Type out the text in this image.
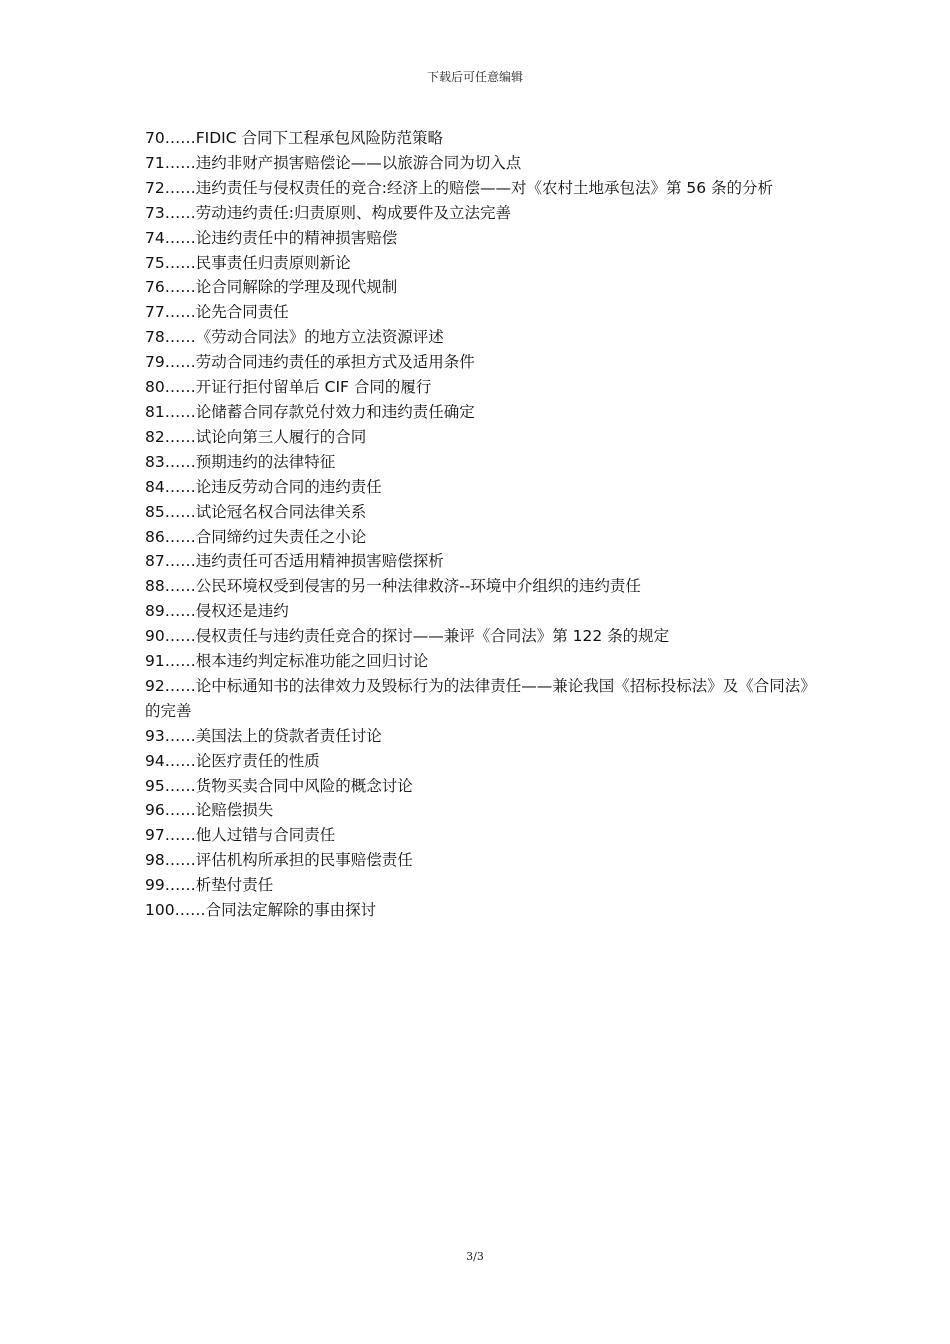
下载后可任意编辑
70……FIDIC 合同下工程承包风险防范策略
71……违约非财产损害赔偿论——以旅游合同为切入点
72……违约责任与侵权责任的竞合:经济上的赔偿——对《农村土地承包法》第 56 条的分析
73……劳动违约责任:归责原则、构成要件及立法完善
74……论违约责任中的精神损害赔偿
75……民事责任归责原则新论
76……论合同解除的学理及现代规制
77……论先合同责任
78……《劳动合同法》的地方立法资源评述
79……劳动合同违约责任的承担方式及适用条件
80……开证行拒付留单后 CIF 合同的履行
81……论储蓄合同存款兑付效力和违约责任确定
82……试论向第三人履行的合同
83……预期违约的法律特征
84……论违反劳动合同的违约责任
85……试论冠名权合同法律关系
86……合同缔约过失责任之小论
87……违约责任可否适用精神损害赔偿探析
88……公民环境权受到侵害的另一种法律救济--环境中介组织的违约责任
89……侵权还是违约
90……侵权责任与违约责任竞合的探讨——兼评《合同法》第 122 条的规定
91……根本违约判定标准功能之回归讨论
92……论中标通知书的法律效力及毁标行为的法律责任——兼论我国《招标投标法》及《合同法》的完善
93……美国法上的贷款者责任讨论
94……论医疗责任的性质
95……货物买卖合同中风险的概念讨论
96……论赔偿损失
97……他人过错与合同责任
98……评估机构所承担的民事赔偿责任
99……析垫付责任
100……合同法定解除的事由探讨
3/3
